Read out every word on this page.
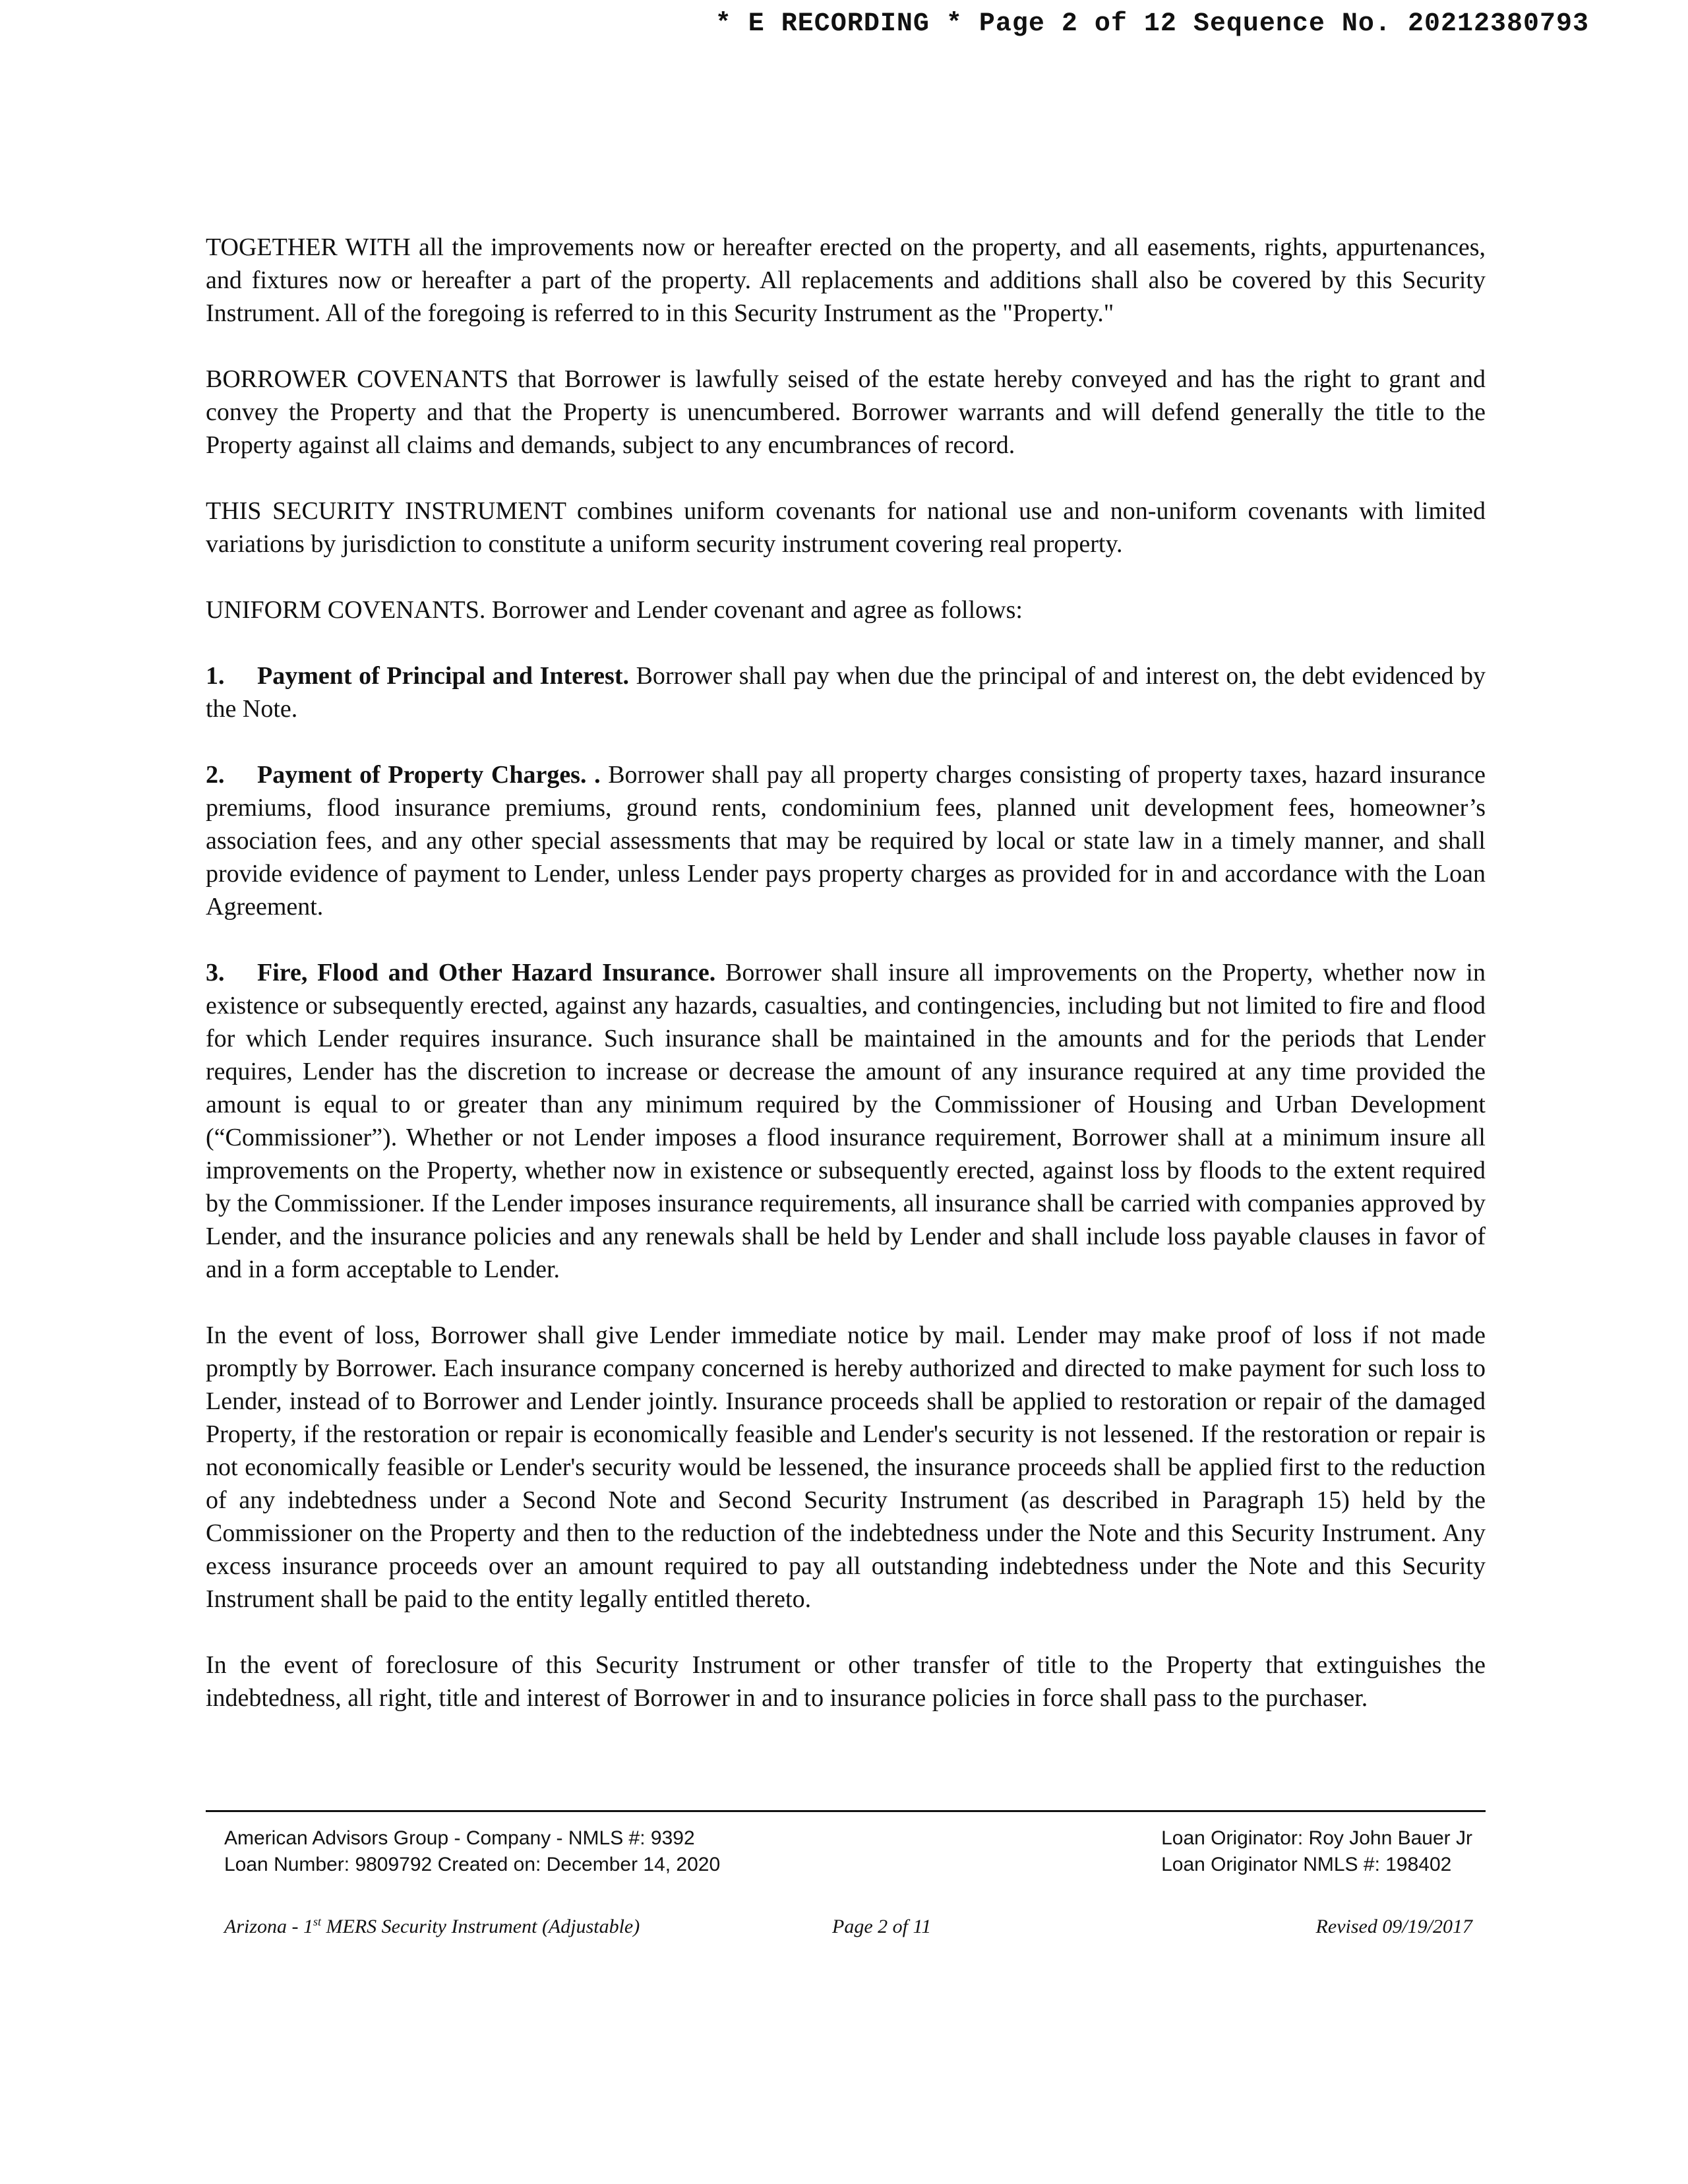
* E RECORDING * Page 2 of 12 Sequence No. 20212380793

TOGETHER WITH all the improvements now or hereafter erected on the property, and all easements, rights, appurtenances, and fixtures now or hereafter a part of the property. All replacements and additions shall also be covered by this Security Instrument. All of the foregoing is referred to in this Security Instrument as the "Property."

BORROWER COVENANTS that Borrower is lawfully seised of the estate hereby conveyed and has the right to grant and convey the Property and that the Property is unencumbered. Borrower warrants and will defend generally the title to the Property against all claims and demands, subject to any encumbrances of record.

THIS SECURITY INSTRUMENT combines uniform covenants for national use and non-uniform covenants with limited variations by jurisdiction to constitute a uniform security instrument covering real property.

UNIFORM COVENANTS. Borrower and Lender covenant and agree as follows:

1. Payment of Principal and Interest. Borrower shall pay when due the principal of and interest on, the debt evidenced by the Note.

2. Payment of Property Charges. . Borrower shall pay all property charges consisting of property taxes, hazard insurance premiums, flood insurance premiums, ground rents, condominium fees, planned unit development fees, homeowner’s association fees, and any other special assessments that may be required by local or state law in a timely manner, and shall provide evidence of payment to Lender, unless Lender pays property charges as provided for in and accordance with the Loan Agreement.

3. Fire, Flood and Other Hazard Insurance. Borrower shall insure all improvements on the Property, whether now in existence or subsequently erected, against any hazards, casualties, and contingencies, including but not limited to fire and flood for which Lender requires insurance. Such insurance shall be maintained in the amounts and for the periods that Lender requires, Lender has the discretion to increase or decrease the amount of any insurance required at any time provided the amount is equal to or greater than any minimum required by the Commissioner of Housing and Urban Development (“Commissioner”). Whether or not Lender imposes a flood insurance requirement, Borrower shall at a minimum insure all improvements on the Property, whether now in existence or subsequently erected, against loss by floods to the extent required by the Commissioner. If the Lender imposes insurance requirements, all insurance shall be carried with companies approved by Lender, and the insurance policies and any renewals shall be held by Lender and shall include loss payable clauses in favor of and in a form acceptable to Lender.

In the event of loss, Borrower shall give Lender immediate notice by mail. Lender may make proof of loss if not made promptly by Borrower. Each insurance company concerned is hereby authorized and directed to make payment for such loss to Lender, instead of to Borrower and Lender jointly. Insurance proceeds shall be applied to restoration or repair of the damaged Property, if the restoration or repair is economically feasible and Lender's security is not lessened. If the restoration or repair is not economically feasible or Lender's security would be lessened, the insurance proceeds shall be applied first to the reduction of any indebtedness under a Second Note and Second Security Instrument (as described in Paragraph 15) held by the Commissioner on the Property and then to the reduction of the indebtedness under the Note and this Security Instrument. Any excess insurance proceeds over an amount required to pay all outstanding indebtedness under the Note and this Security Instrument shall be paid to the entity legally entitled thereto.

In the event of foreclosure of this Security Instrument or other transfer of title to the Property that extinguishes the indebtedness, all right, title and interest of Borrower in and to insurance policies in force shall pass to the purchaser.

American Advisors Group - Company - NMLS #: 9392
Loan Number: 9809792 Created on: December 14, 2020
Loan Originator: Roy John Bauer Jr
Loan Originator NMLS #: 198402
Arizona - 1st MERS Security Instrument (Adjustable)	Page 2 of 11	Revised 09/19/2017
